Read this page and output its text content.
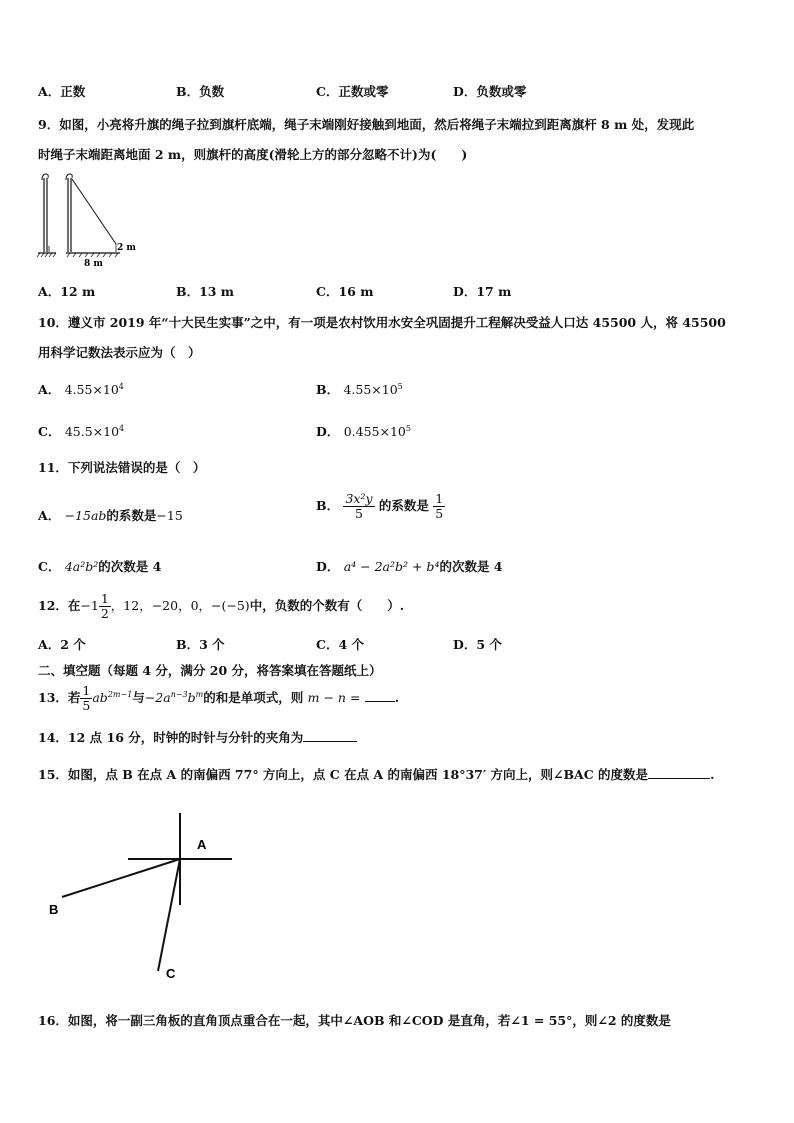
A．正数	B．负数	C．正数或零	D．负数或零
9．如图，小亮将升旗的绳子拉到旗杆底端，绳子末端刚好接触到地面，然后将绳子末端拉到距离旗杆 8 m 处，发现此
时绳子末端距离地面 2 m，则旗杆的高度(滑轮上方的部分忽略不计)为(　　)
2 m
8 m
A．12 m	B．13 m	C．16 m	D．17 m
10．遵义市 2019 年“十大民生实事”之中，有一项是农村饮用水安全巩固提升工程解决受益人口达 45500 人，将 45500
用科学记数法表示应为（　）
A． $4.55\times 10^4$	B． $4.55\times 10^5$
C． $45.5\times 10^4$	D． $0.455\times 10^5$
11．下列说法错误的是（　）
A． −15ab的系数是−15
B． $\frac{\text{3x²y}}{5}$ 的系数是 $\frac{1}{5}$
C． 4a²b²的次数是 4	D． a⁴ − 2a²b² + b⁴的次数是 4
12．在$-1 \frac{1}{2}$ ，12，−20，0，−(−5)中，负数的个数有（　　）.
A．2 个	B．3 个	C．4 个	D．5 个
二、填空题（每题 4 分，满分 20 分，将答案填在答题纸上）
13．若 $\frac{1}{5} ab^{2m-1}$与$-2a^{n-3}b^m$的和是单项式，则 m − n =	.
14．12 点 16 分，时钟的时针与分针的夹角为
15．如图，点 B 在点 A 的南偏西 77° 方向上，点 C 在点 A 的南偏西 18°37′ 方向上，则∠BAC 的度数是	.
A
B
C
16．如图，将一副三角板的直角顶点重合在一起，其中∠AOB 和∠COD 是直角，若∠1 = 55°，则∠2 的度数是
